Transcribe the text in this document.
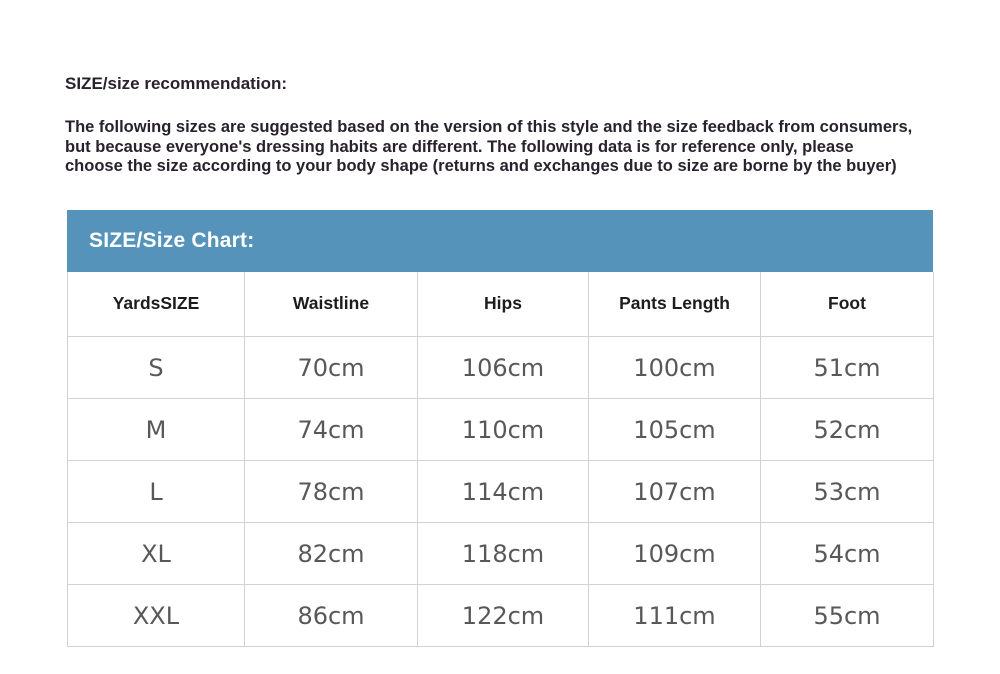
SIZE/size recommendation:
The following sizes are suggested based on the version of this style and the size feedback from consumers,
but because everyone's dressing habits are different. The following data is for reference only, please
choose the size according to your body shape (returns and exchanges due to size are borne by the buyer)
SIZE/Size Chart:
YardsSIZE	Waistline	Hips	Pants Length	Foot
S	70cm	106cm	100cm	51cm
M	74cm	110cm	105cm	52cm
L	78cm	114cm	107cm	53cm
XL	82cm	118cm	109cm	54cm
XXL	86cm	122cm	111cm	55cm
